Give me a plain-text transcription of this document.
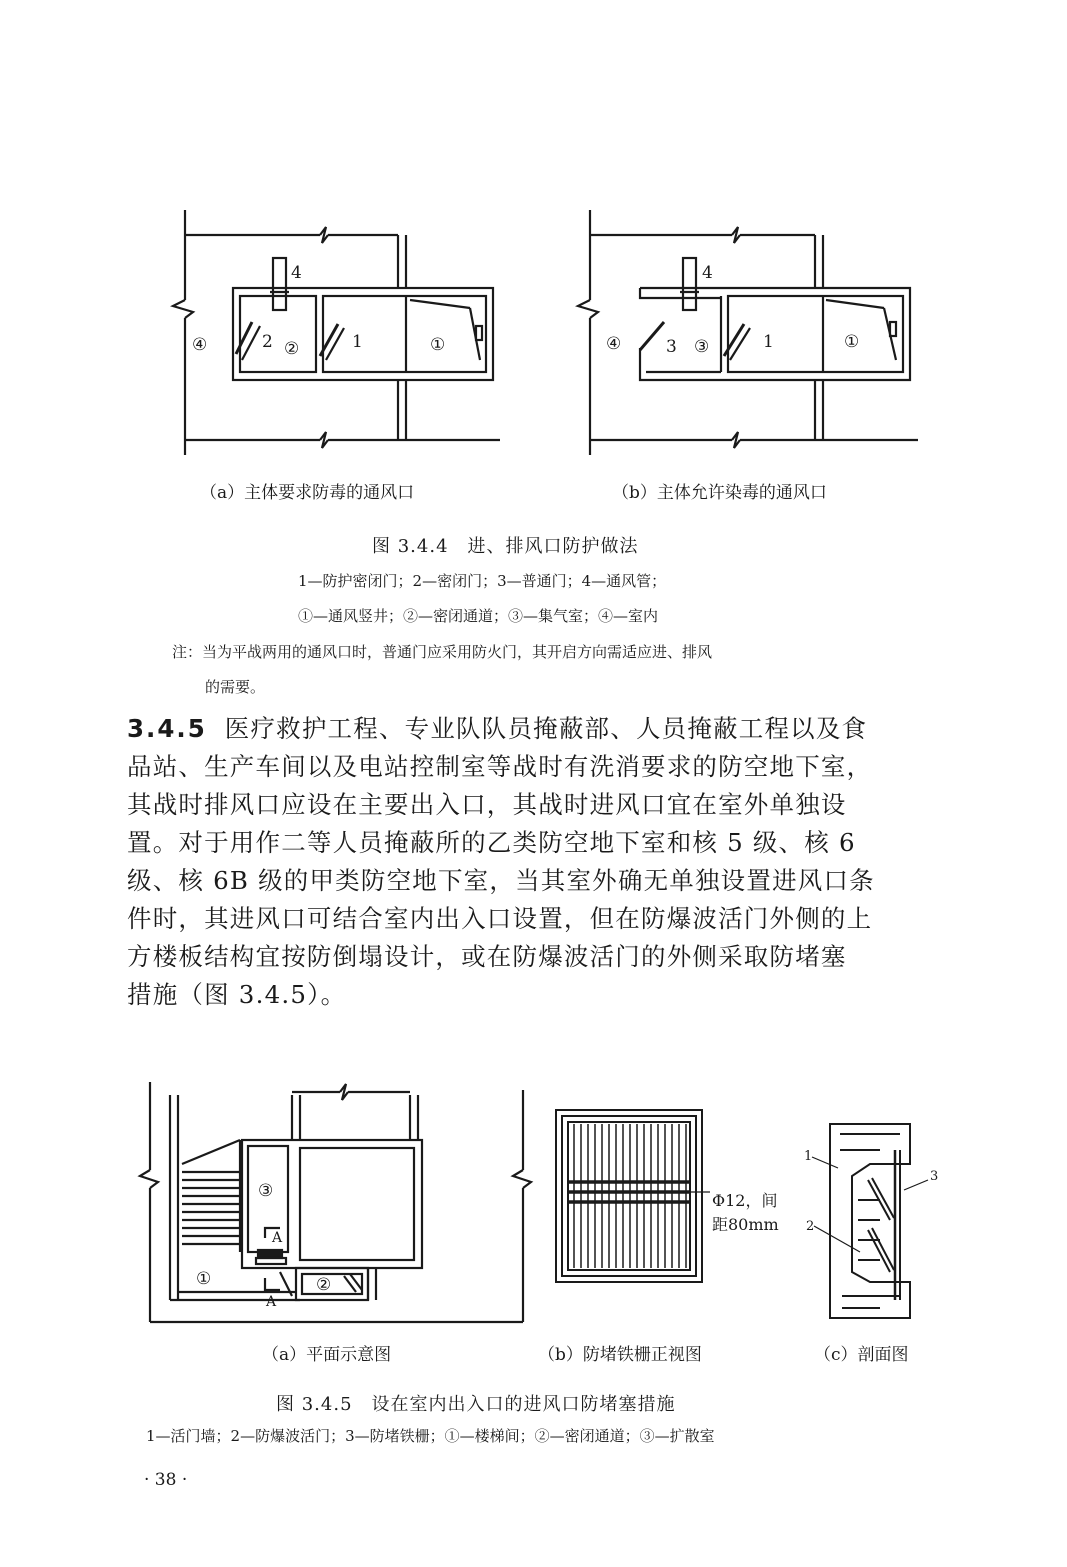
4
2 ②	1	①
④
4
3 ③	1	①
④
（a）主体要求防毒的通风口	（b）主体允许染毒的通风口
图 3.4.4　进、排风口防护做法
1—防护密闭门；2—密闭门；3—普通门；4—通风管；
①—通风竖井；②—密闭通道；③—集气室；④—室内
注：当为平战两用的通风口时，普通门应采用防火门，其开启方向需适应进、排风
的需要。
3.4.5 医疗救护工程、专业队队员掩蔽部、人员掩蔽工程以及食
品站、生产车间以及电站控制室等战时有洗消要求的防空地下室，
其战时排风口应设在主要出入口，其战时进风口宜在室外单独设
置。对于用作二等人员掩蔽所的乙类防空地下室和核 5 级、核 6
级、核 6B 级的甲类防空地下室，当其室外确无单独设置进风口条
件时，其进风口可结合室内出入口设置，但在防爆波活门外侧的上
方楼板结构宜按防倒塌设计，或在防爆波活门的外侧采取防堵塞
措施（图 3.4.5）。
③
①	②
A
A
Φ12，间
距80mm
1
2
3
（a）平面示意图	（b）防堵铁栅正视图	（c）剖面图
图 3.4.5　设在室内出入口的进风口防堵塞措施
1—活门墙；2—防爆波活门；3—防堵铁栅；①—楼梯间；②—密闭通道；③—扩散室
· 38 ·
